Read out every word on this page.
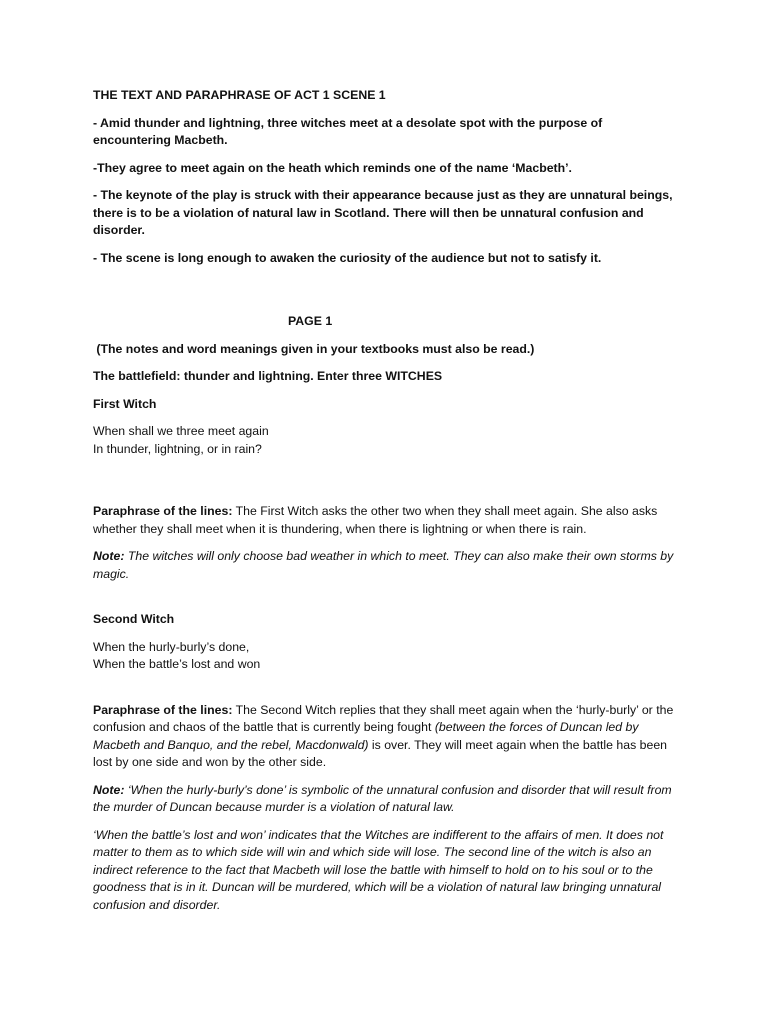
THE TEXT AND PARAPHRASE OF ACT 1 SCENE 1

- Amid thunder and lightning, three witches meet at a desolate spot with the purpose of encountering Macbeth.

-They agree to meet again on the heath which reminds one of the name ‘Macbeth’.

- The keynote of the play is struck with their appearance because just as they are unnatural beings, there is to be a violation of natural law in Scotland. There will then be unnatural confusion and disorder.

- The scene is long enough to awaken the curiosity of the audience but not to satisfy it.

PAGE 1

(The notes and word meanings given in your textbooks must also be read.)

The battlefield: thunder and lightning. Enter three WITCHES

First Witch

When shall we three meet again

In thunder, lightning, or in rain?

Paraphrase of the lines: The First Witch asks the other two when they shall meet again. She also asks whether they shall meet when it is thundering, when there is lightning or when there is rain.

Note: The witches will only choose bad weather in which to meet. They can also make their own storms by magic.

Second Witch

When the hurly-burly’s done,

When the battle’s lost and won

Paraphrase of the lines: The Second Witch replies that they shall meet again when the ‘hurly-burly’ or the confusion and chaos of the battle that is currently being fought (between the forces of Duncan led by Macbeth and Banquo, and the rebel, Macdonwald) is over. They will meet again when the battle has been lost by one side and won by the other side.

Note: ‘When the hurly-burly’s done’ is symbolic of the unnatural confusion and disorder that will result from the murder of Duncan because murder is a violation of natural law.

‘When the battle’s lost and won’ indicates that the Witches are indifferent to the affairs of men. It does not matter to them as to which side will win and which side will lose. The second line of the witch is also an indirect reference to the fact that Macbeth will lose the battle with himself to hold on to his soul or to the goodness that is in it. Duncan will be murdered, which will be a violation of natural law bringing unnatural confusion and disorder.
